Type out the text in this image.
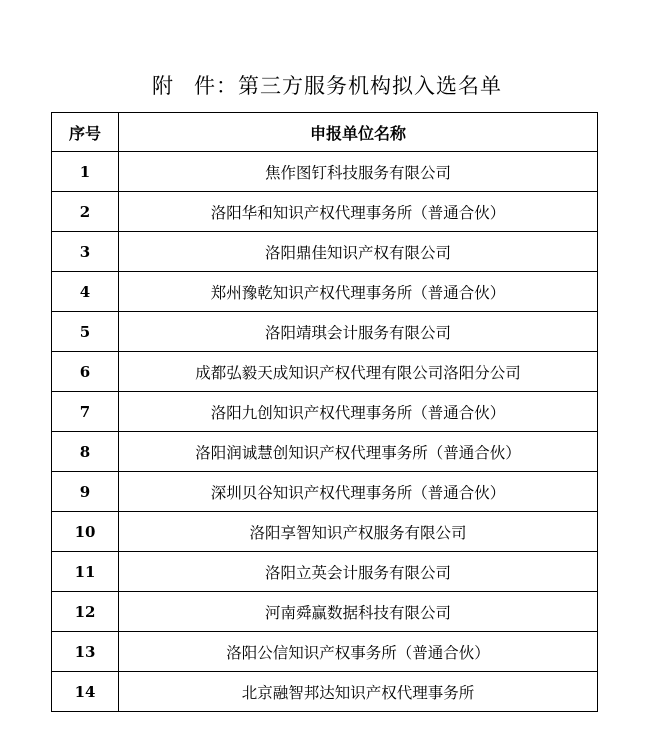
附 件：第三方服务机构拟入选名单
序号	申报单位名称
1	焦作图钉科技服务有限公司
2	洛阳华和知识产权代理事务所（普通合伙）
3	洛阳鼎佳知识产权有限公司
4	郑州豫乾知识产权代理事务所（普通合伙）
5	洛阳靖琪会计服务有限公司
6	成都弘毅天成知识产权代理有限公司洛阳分公司
7	洛阳九创知识产权代理事务所（普通合伙）
8	洛阳润诚慧创知识产权代理事务所（普通合伙）
9	深圳贝谷知识产权代理事务所（普通合伙）
10	洛阳享智知识产权服务有限公司
11	洛阳立英会计服务有限公司
12	河南舜赢数据科技有限公司
13	洛阳公信知识产权事务所（普通合伙）
14	北京融智邦达知识产权代理事务所
